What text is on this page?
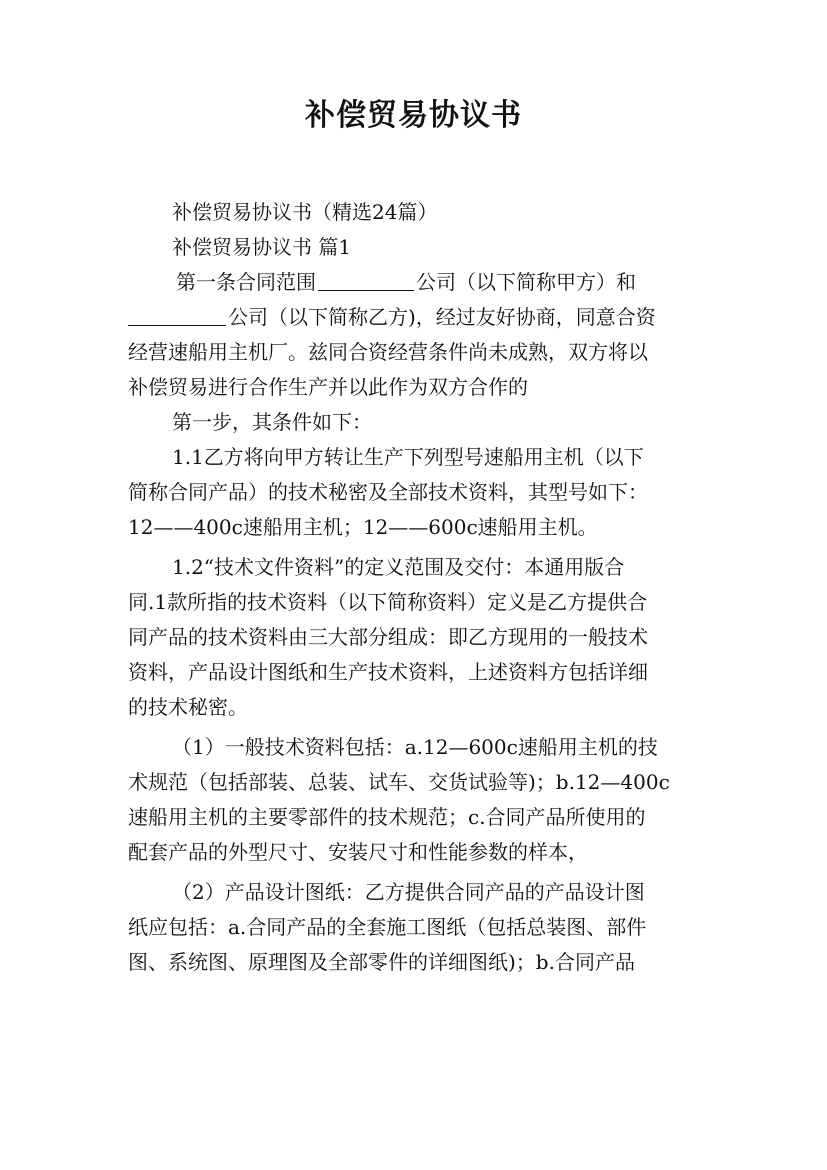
补偿贸易协议书

补偿贸易协议书（精选24篇）

补偿贸易协议书 篇1

第一条合同范围	公司（以下简称甲方）和

公司（以下简称乙方)，经过友好协商，同意合资

经营速船用主机厂。兹同合资经营条件尚未成熟，双方将以

补偿贸易进行合作生产并以此作为双方合作的

第一步，其条件如下：

1.1乙方将向甲方转让生产下列型号速船用主机（以下

简称合同产品）的技术秘密及全部技术资料，其型号如下：

12——400c速船用主机；12——600c速船用主机。

1.2“技术文件资料”的定义范围及交付：本通用版合

同.1款所指的技术资料（以下简称资料）定义是乙方提供合

同产品的技术资料由三大部分组成：即乙方现用的一般技术

资料，产品设计图纸和生产技术资料，上述资料方包括详细

的技术秘密。

（1）一般技术资料包括：a.12—600c速船用主机的技

术规范（包括部装、总装、试车、交货试验等)；b.12—400c

速船用主机的主要零部件的技术规范；c.合同产品所使用的

配套产品的外型尺寸、安装尺寸和性能参数的样本，

（2）产品设计图纸：乙方提供合同产品的产品设计图

纸应包括：a.合同产品的全套施工图纸（包括总装图、部件

图、系统图、原理图及全部零件的详细图纸)；b.合同产品
